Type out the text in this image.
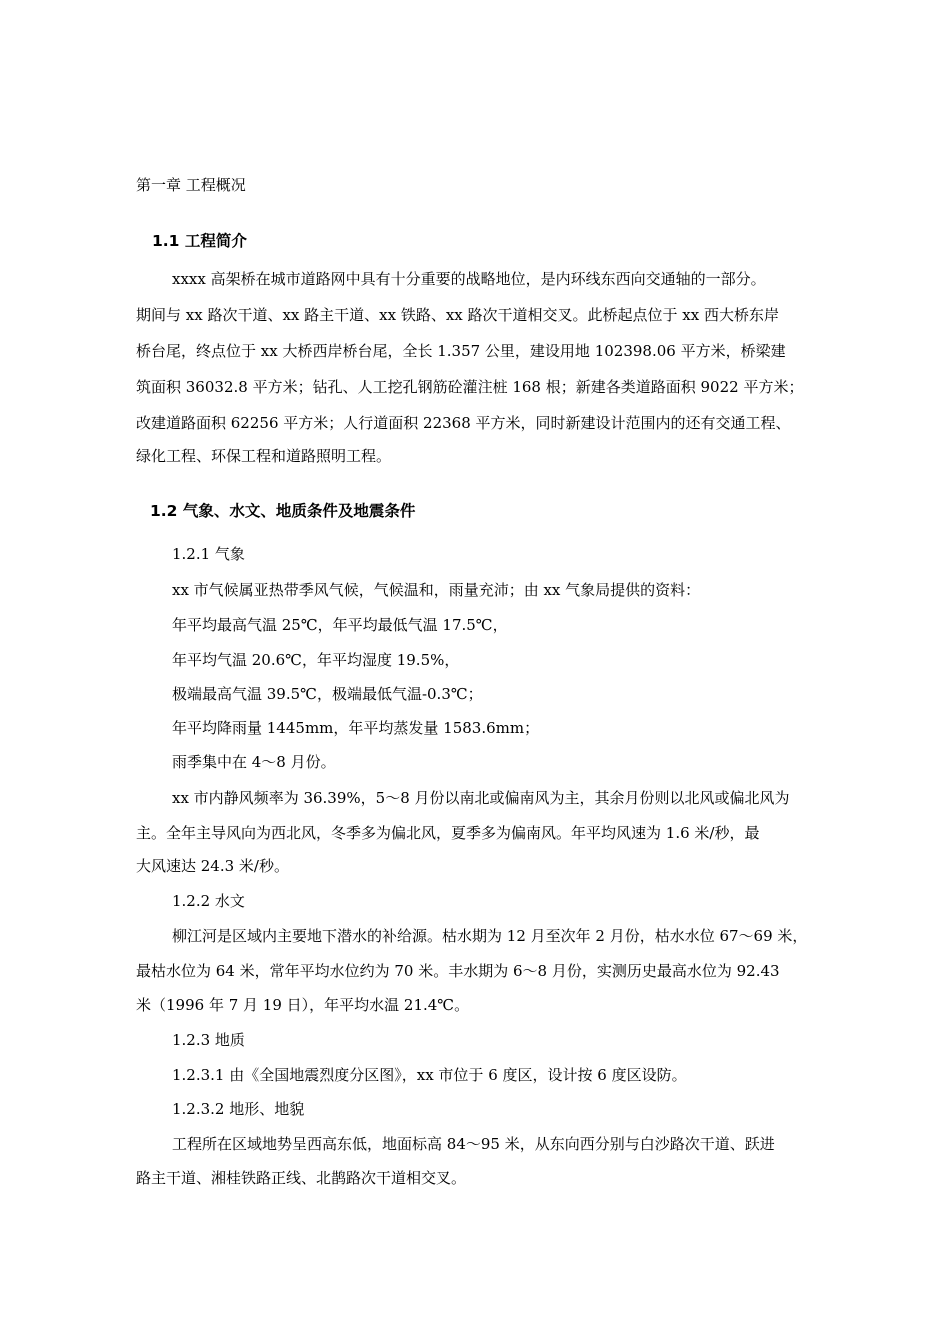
第一章 工程概况
1.1 工程简介
xxxx 高架桥在城市道路网中具有十分重要的战略地位，是内环线东西向交通轴的一部分。
期间与 xx 路次干道、xx 路主干道、xx 铁路、xx 路次干道相交叉。此桥起点位于 xx 西大桥东岸
桥台尾，终点位于 xx 大桥西岸桥台尾，全长 1.357 公里，建设用地 102398.06 平方米，桥梁建
筑面积 36032.8 平方米；钻孔、人工挖孔钢筋砼灌注桩 168 根；新建各类道路面积 9022 平方米；
改建道路面积 62256 平方米；人行道面积 22368 平方米，同时新建设计范围内的还有交通工程、
绿化工程、环保工程和道路照明工程。
1.2 气象、水文、地质条件及地震条件
1.2.1 气象
xx 市气候属亚热带季风气候，气候温和，雨量充沛；由 xx 气象局提供的资料：
年平均最高气温 25℃，年平均最低气温 17.5℃，
年平均气温 20.6℃，年平均湿度 19.5%，
极端最高气温 39.5℃，极端最低气温-0.3℃；
年平均降雨量 1445mm，年平均蒸发量 1583.6mm；
雨季集中在 4～8 月份。
xx 市内静风频率为 36.39%，5～8 月份以南北或偏南风为主，其余月份则以北风或偏北风为
主。全年主导风向为西北风，冬季多为偏北风，夏季多为偏南风。年平均风速为 1.6 米/秒，最
大风速达 24.3 米/秒。
1.2.2 水文
柳江河是区域内主要地下潜水的补给源。枯水期为 12 月至次年 2 月份，枯水水位 67～69 米，
最枯水位为 64 米，常年平均水位约为 70 米。丰水期为 6～8 月份，实测历史最高水位为 92.43
米（1996 年 7 月 19 日），年平均水温 21.4℃。
1.2.3 地质
1.2.3.1 由《全国地震烈度分区图》，xx 市位于 6 度区，设计按 6 度区设防。
1.2.3.2 地形、地貌
工程所在区域地势呈西高东低，地面标高 84～95 米，从东向西分别与白沙路次干道、跃进
路主干道、湘桂铁路正线、北鹊路次干道相交叉。
